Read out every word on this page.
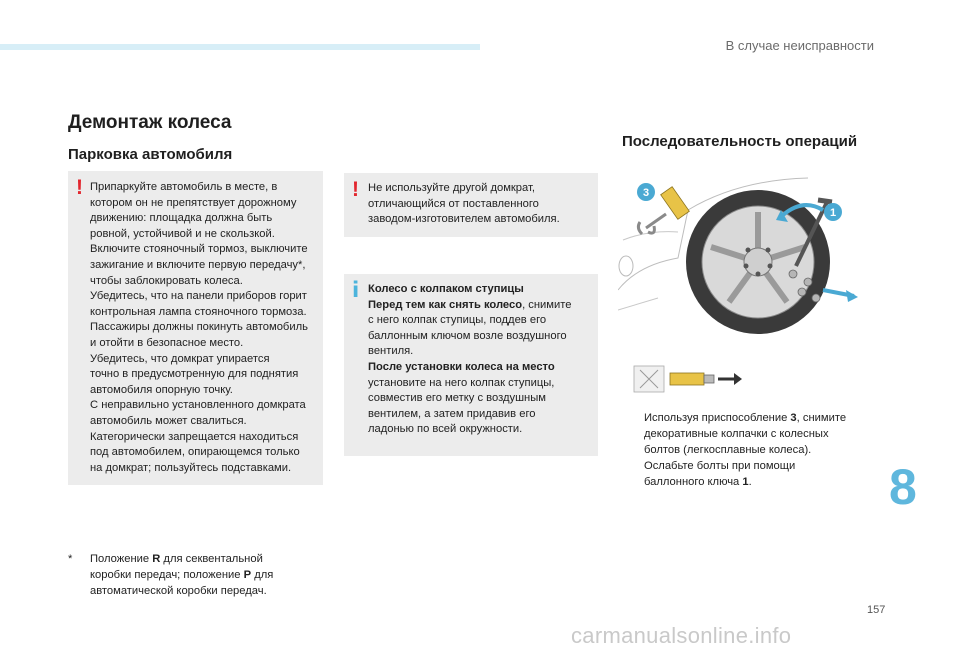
В случае неисправности
Демонтаж колеса
Парковка автомобиля
Последовательность операций
! Припаркуйте автомобиль в месте, в

котором он не препятствует дорожному

движению: площадка должна быть

ровной, устойчивой и не скользкой.

Включите стояночный тормоз, выключите

зажигание и включите первую передачу*,

чтобы заблокировать колеса.

Убедитесь, что на панели приборов горит

контрольная лампа стояночного тормоза.

Пассажиры должны покинуть автомобиль

и отойти в безопасное место.

Убедитесь, что домкрат упирается

точно в предусмотренную для поднятия

автомобиля опорную точку.

С неправильно установленного домкрата

автомобиль может свалиться.

Категорически запрещается находиться

под автомобилем, опирающемся только

на домкрат; пользуйтесь подставками.

! Не используйте другой домкрат,

отличающийся от поставленного

заводом-изготовителем автомобиля.

i Колесо с колпаком ступицы

Перед тем как снять колесо, снимите

с него колпак ступицы, поддев его

баллонным ключом возле воздушного

вентиля.

После установки колеса на место

установите на него колпак ступицы,

совместив его метку с воздушным

вентилем, а затем придавив его

ладонью по всей окружности.

* Положение R для секвентальной
коробки передач; положение P для
автоматической коробки передач.
3
1
Используя приспособление 3, снимите
декоративные колпачки с колесных
болтов (легкосплавные колеса).
Ослабьте болты при помощи
баллонного ключа 1.	8
157
carmanualsonline.info
